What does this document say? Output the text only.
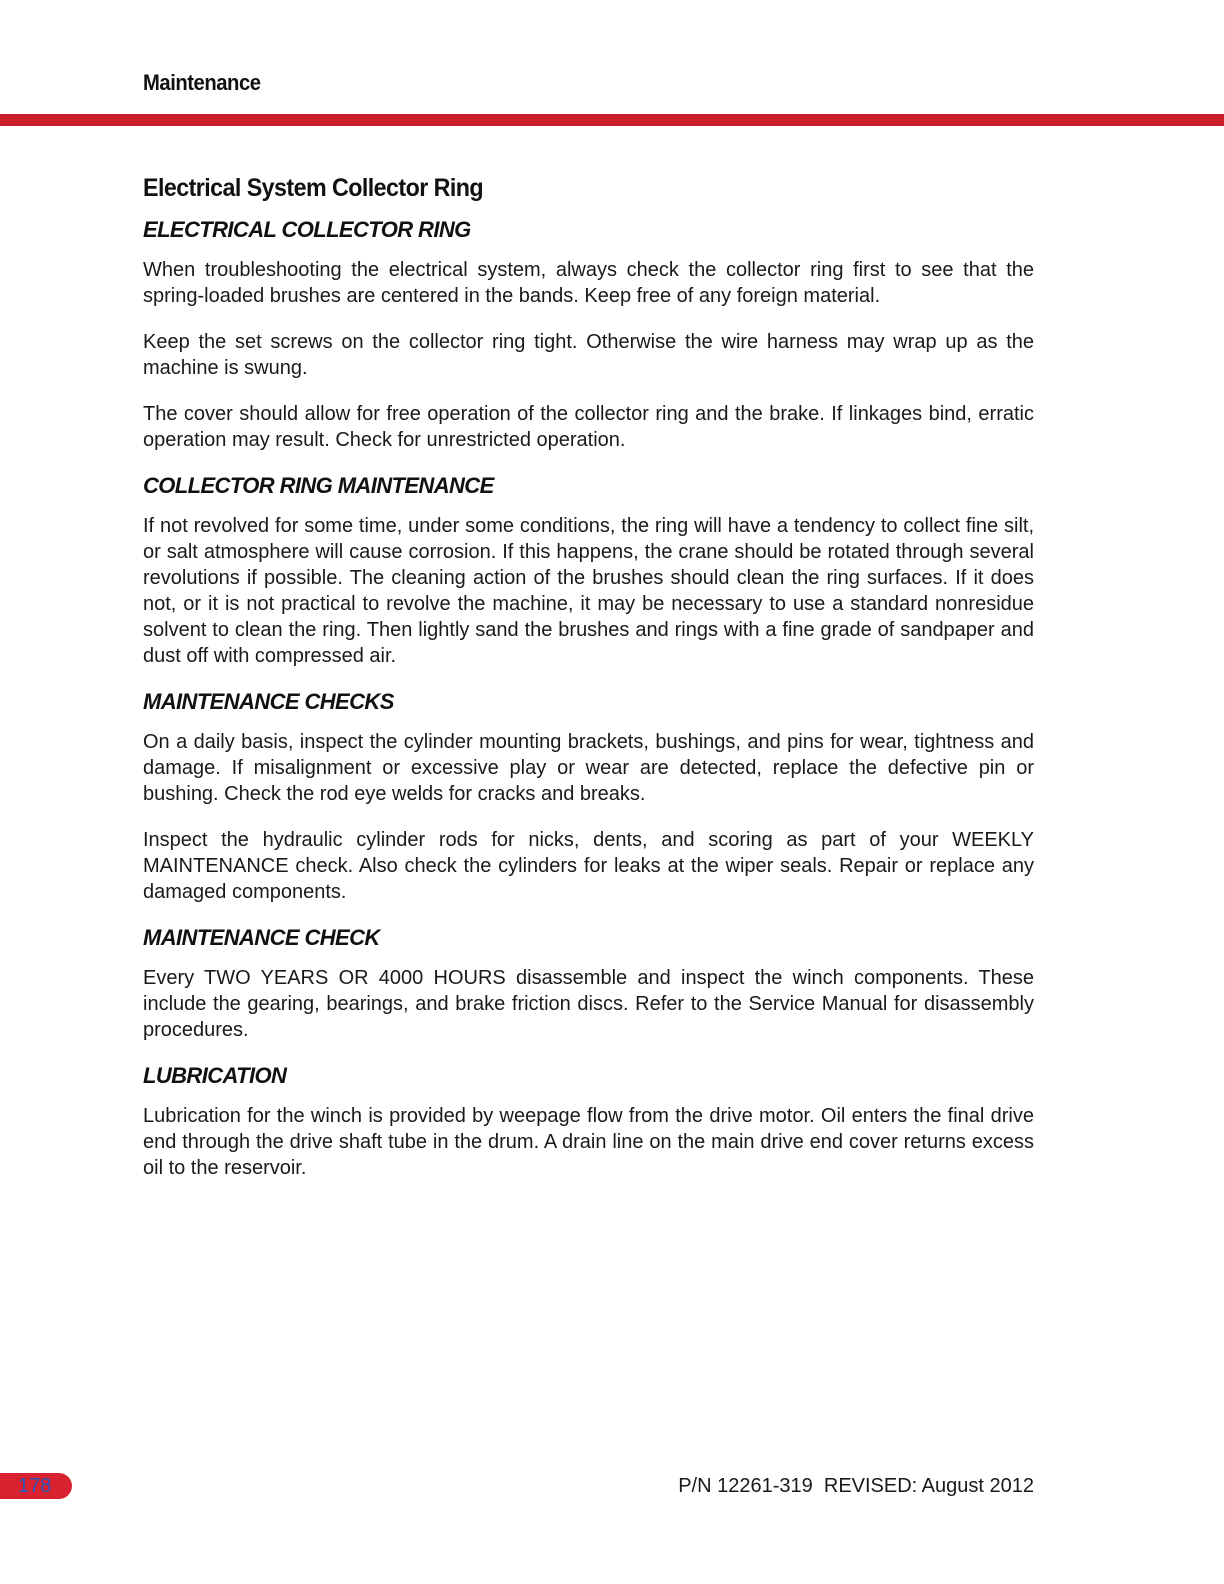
Maintenance
Electrical System Collector Ring
ELECTRICAL COLLECTOR RING

When troubleshooting the electrical system, always check the collector ring first to see that the spring-loaded brushes are centered in the bands. Keep free of any foreign material.

Keep the set screws on the collector ring tight. Otherwise the wire harness may wrap up as the machine is swung.

The cover should allow for free operation of the collector ring and the brake. If linkages bind, erratic operation may result. Check for unrestricted operation.

COLLECTOR RING MAINTENANCE

If not revolved for some time, under some conditions, the ring will have a tendency to collect fine silt, or salt atmosphere will cause corrosion. If this happens, the crane should be rotated through several revolutions if possible. The cleaning action of the brushes should clean the ring surfaces. If it does not, or it is not practical to revolve the machine, it may be necessary to use a standard nonresidue solvent to clean the ring. Then lightly sand the brushes and rings with a fine grade of sandpaper and dust off with compressed air.

MAINTENANCE CHECKS

On a daily basis, inspect the cylinder mounting brackets, bushings, and pins for wear, tightness and damage. If misalignment or excessive play or wear are detected, replace the defective pin or bushing. Check the rod eye welds for cracks and breaks.

Inspect the hydraulic cylinder rods for nicks, dents, and scoring as part of your WEEKLY MAINTENANCE check. Also check the cylinders for leaks at the wiper seals. Repair or replace any damaged components.

MAINTENANCE CHECK

Every TWO YEARS OR 4000 HOURS disassemble and inspect the winch components. These include the gearing, bearings, and brake friction discs. Refer to the Service Manual for disassembly procedures.

LUBRICATION

Lubrication for the winch is provided by weepage flow from the drive motor. Oil enters the final drive end through the drive shaft tube in the drum. A drain line on the main drive end cover returns excess oil to the reservoir.

178	P/N 12261-319  REVISED: August 2012
